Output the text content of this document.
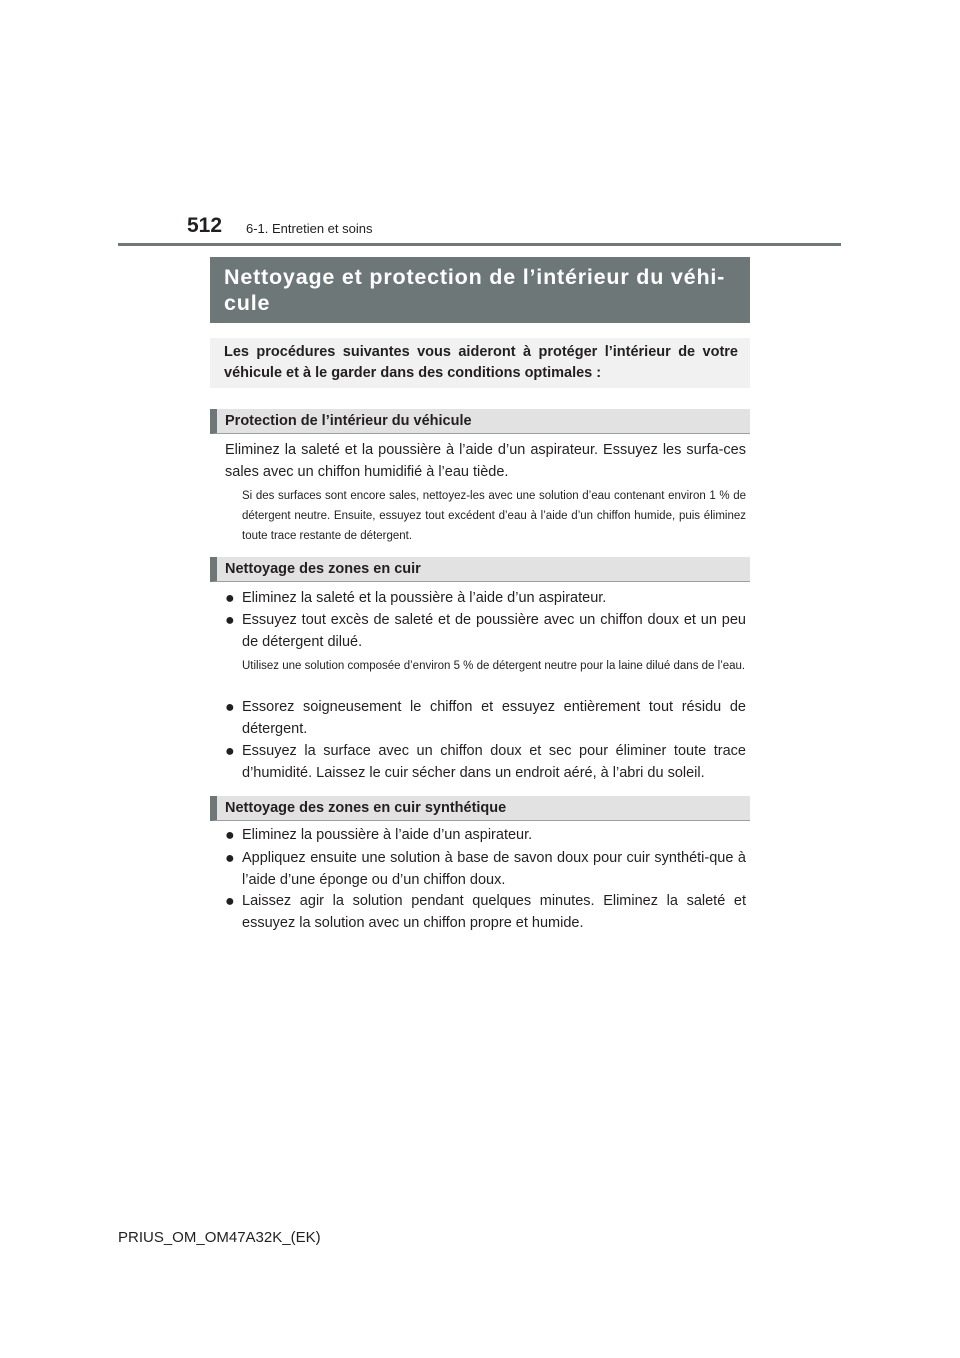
512 6-1. Entretien et soins
Nettoyage et protection de l’intérieur du véhi-
cule
Les procédures suivantes vous aideront à protéger l’intérieur de votre véhicule et à le garder dans des conditions optimales :
Protection de l’intérieur du véhicule

Eliminez la saleté et la poussière à l’aide d’un aspirateur. Essuyez les surfa-ces sales avec un chiffon humidifié à l’eau tiède.

Si des surfaces sont encore sales, nettoyez-les avec une solution d’eau contenant environ 1 % de détergent neutre. Ensuite, essuyez tout excédent d’eau à l’aide d’un chiffon humide, puis éliminez toute trace restante de détergent.

Nettoyage des zones en cuir
● Eliminez la saleté et la poussière à l’aide d’un aspirateur.
● Essuyez tout excès de saleté et de poussière avec un chiffon doux et un peu de détergent dilué.

Utilisez une solution composée d’environ 5 % de détergent neutre pour la laine dilué dans de l’eau.

● Essorez soigneusement le chiffon et essuyez entièrement tout résidu de détergent.
● Essuyez la surface avec un chiffon doux et sec pour éliminer toute trace d’humidité. Laissez le cuir sécher dans un endroit aéré, à l’abri du soleil.
Nettoyage des zones en cuir synthétique
● Eliminez la poussière à l’aide d’un aspirateur.
● Appliquez ensuite une solution à base de savon doux pour cuir synthéti-que à l’aide d’une éponge ou d’un chiffon doux.
● Laissez agir la solution pendant quelques minutes. Eliminez la saleté et essuyez la solution avec un chiffon propre et humide.
PRIUS_OM_OM47A32K_(EK)
